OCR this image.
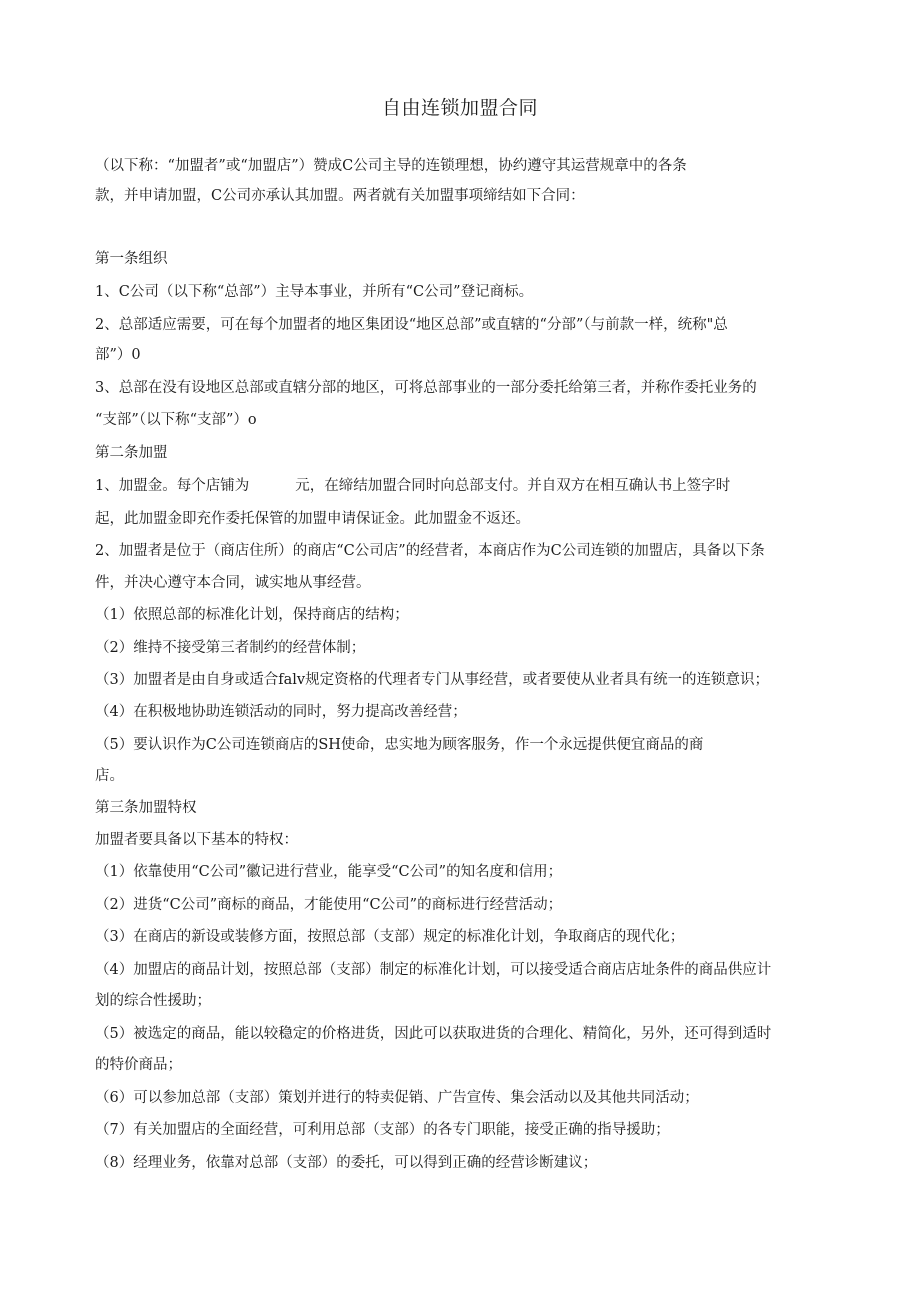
自由连锁加盟合同
（以下称：“加盟者”或“加盟店”）赞成C公司主导的连锁理想，协约遵守其运营规章中的各条
款，并申请加盟，C公司亦承认其加盟。两者就有关加盟事项缔结如下合同：
第一条组织
1、C公司（以下称“总部”）主导本事业，并所有“C公司”登记商标。
2、总部适应需要，可在每个加盟者的地区集团设“地区总部”或直辖的“分部”（与前款一样，统称"总
部”）0
3、总部在没有设地区总部或直辖分部的地区，可将总部事业的一部分委托给第三者，并称作委托业务的
“支部”（以下称“支部”）o
第二条加盟
1、加盟金。每个店铺为	元，在缔结加盟合同时向总部支付。并自双方在相互确认书上签字时
起，此加盟金即充作委托保管的加盟申请保证金。此加盟金不返还。
2、加盟者是位于（商店住所）的商店“C公司店”的经营者，本商店作为C公司连锁的加盟店，具备以下条
件，并决心遵守本合同，诚实地从事经营。
（1）依照总部的标准化计划，保持商店的结构；
（2）维持不接受第三者制约的经营体制；
（3）加盟者是由自身或适合falv规定资格的代理者专门从事经营，或者要使从业者具有统一的连锁意识；
（4）在积极地协助连锁活动的同时，努力提高改善经营；
（5）要认识作为C公司连锁商店的SH使命，忠实地为顾客服务，作一个永远提供便宜商品的商
店。
第三条加盟特权
加盟者要具备以下基本的特权：
（1）依靠使用“C公司”徽记进行营业，能享受“C公司”的知名度和信用；
（2）进货“C公司”商标的商品，才能使用“C公司”的商标进行经营活动；
（3）在商店的新设或装修方面，按照总部（支部）规定的标准化计划，争取商店的现代化；
（4）加盟店的商品计划，按照总部（支部）制定的标准化计划，可以接受适合商店店址条件的商品供应计
划的综合性援助；
（5）被选定的商品，能以较稳定的价格进货，因此可以获取进货的合理化、精简化，另外，还可得到适时
的特价商品；
（6）可以参加总部（支部）策划并进行的特卖促销、广告宣传、集会活动以及其他共同活动；
（7）有关加盟店的全面经营，可利用总部（支部）的各专门职能，接受正确的指导援助；
（8）经理业务，依靠对总部（支部）的委托，可以得到正确的经营诊断建议；
